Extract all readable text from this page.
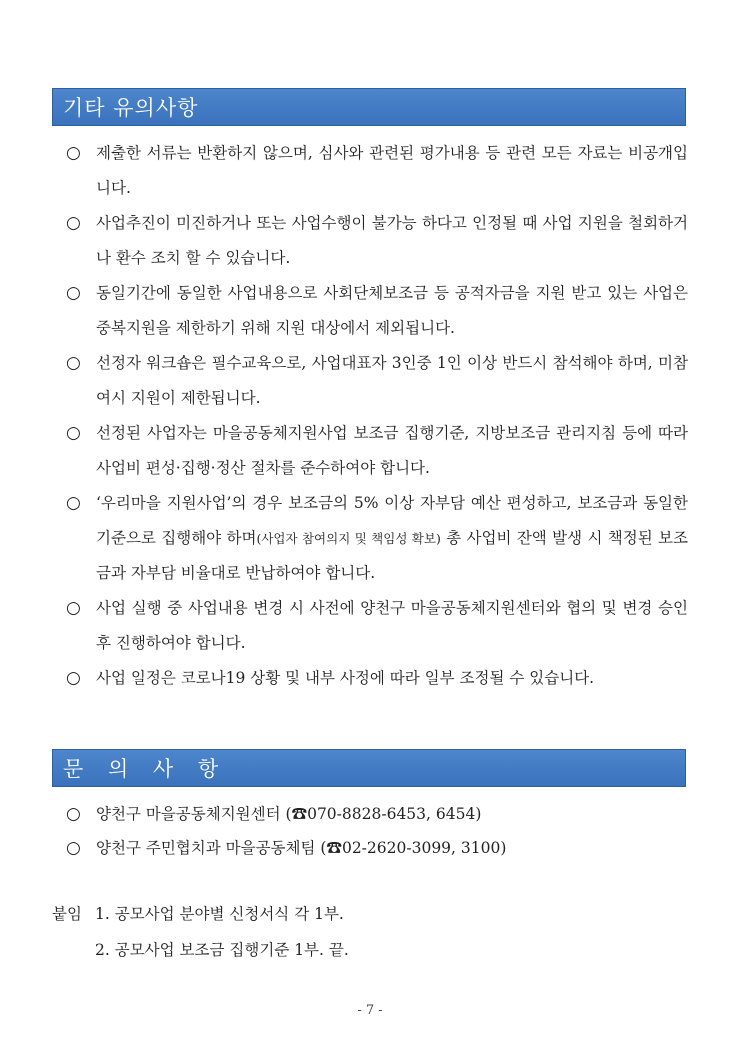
기타 유의사항
○ 제출한 서류는 반환하지 않으며, 심사와 관련된 평가내용 등 관련 모든 자료는 비공개입니다.
○ 사업추진이 미진하거나 또는 사업수행이 불가능 하다고 인정될 때 사업 지원을 철회하거나 환수 조치 할 수 있습니다.
○ 동일기간에 동일한 사업내용으로 사회단체보조금 등 공적자금을 지원 받고 있는 사업은 중복지원을 제한하기 위해 지원 대상에서 제외됩니다.
○ 선정자 워크숍은 필수교육으로, 사업대표자 3인중 1인 이상 반드시 참석해야 하며, 미참여시 지원이 제한됩니다.
○ 선정된 사업자는 마을공동체지원사업 보조금 집행기준, 지방보조금 관리지침 등에 따라 사업비 편성·집행·정산 절차를 준수하여야 합니다.
○ ‘우리마을 지원사업’의 경우 보조금의 5% 이상 자부담 예산 편성하고, 보조금과 동일한 기준으로 집행해야 하며(사업자 참여의지 및 책임성 확보) 총 사업비 잔액 발생 시 책정된 보조금과 자부담 비율대로 반납하여야 합니다.
○ 사업 실행 중 사업내용 변경 시 사전에 양천구 마을공동체지원센터와 협의 및 변경 승인 후 진행하여야 합니다.
○ 사업 일정은 코로나19 상황 및 내부 사정에 따라 일부 조정될 수 있습니다.
문 의 사 항
○ 양천구 마을공동체지원센터 (☎070-8828-6453, 6454)
○ 양천구 주민협치과 마을공동체팀 (☎02-2620-3099, 3100)
붙임 1. 공모사업 분야별 신청서식 각 1부.
2. 공모사업 보조금 집행기준 1부. 끝.
- 7 -
